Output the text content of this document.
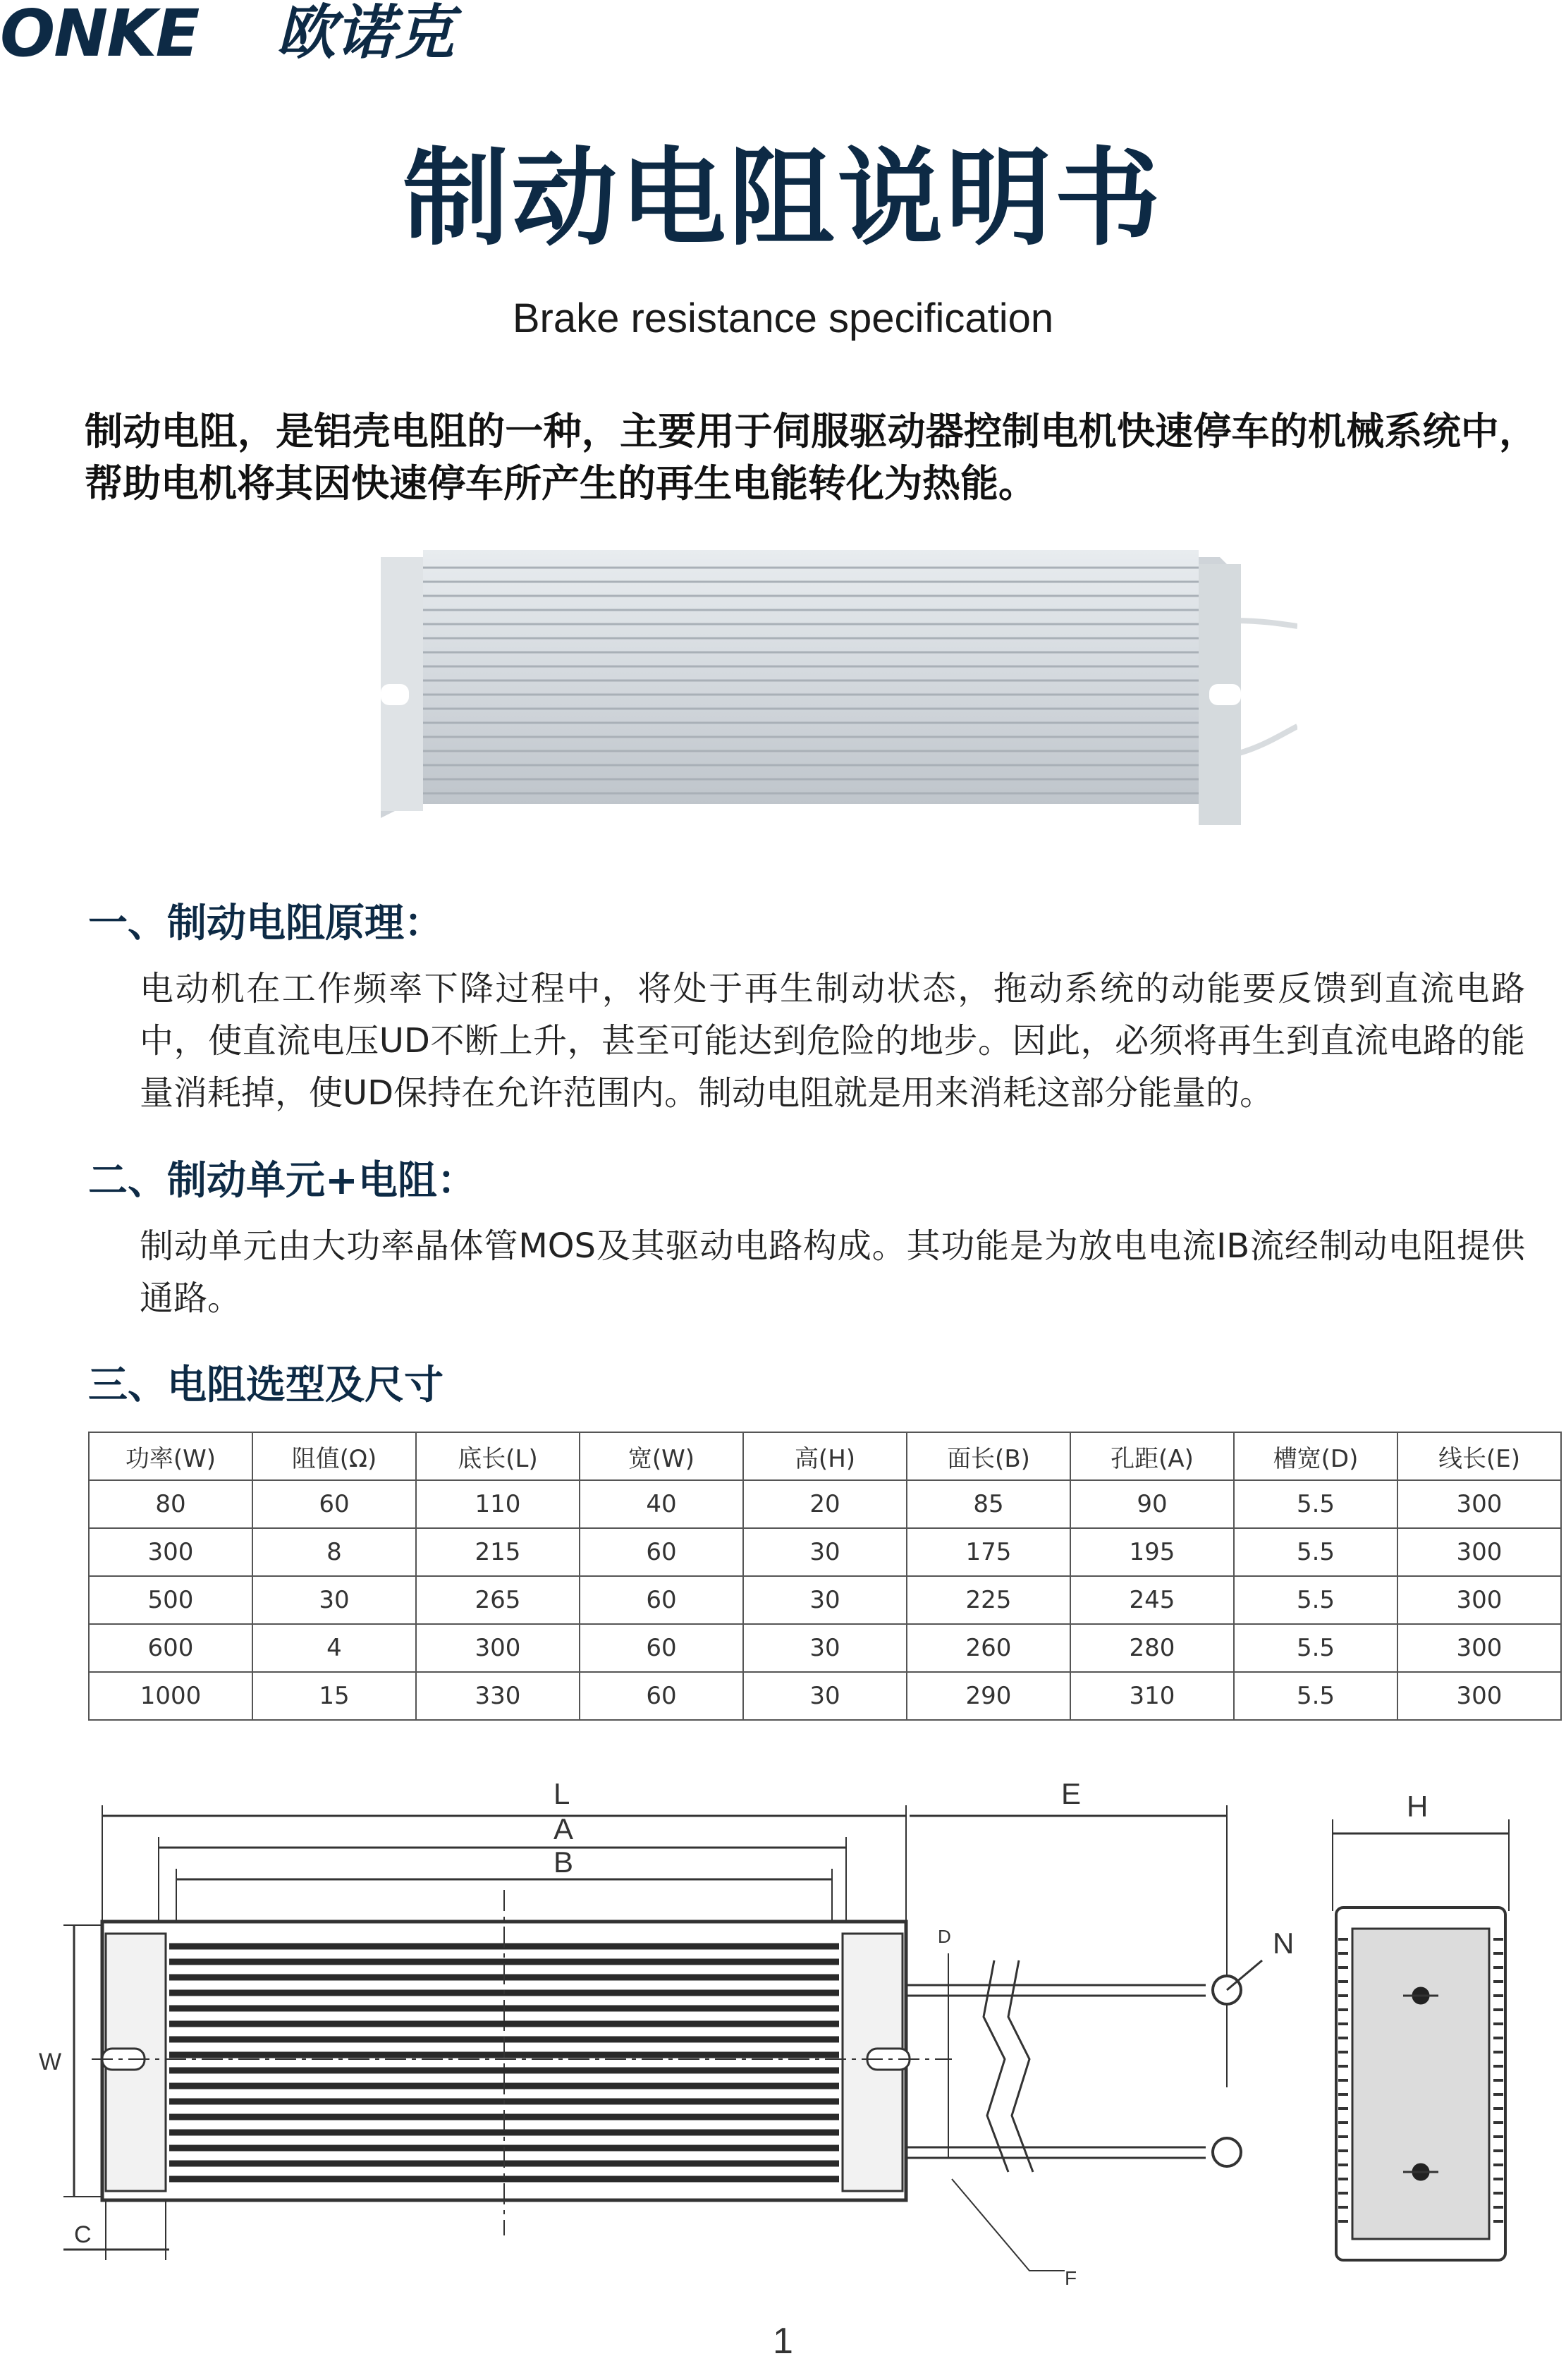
ONKE 欧诺克
制动电阻说明书
Brake resistance specification
制动电阻，是铝壳电阻的一种，主要用于伺服驱动器控制电机快速停车的机械系统中，帮助电机将其因快速停车所产生的再生电能转化为热能。
一、制动电阻原理：
电动机在工作频率下降过程中，将处于再生制动状态，拖动系统的动能要反馈到直流电路中，使直流电压UD不断上升，甚至可能达到危险的地步。因此，必须将再生到直流电路的能量消耗掉，使UD保持在允许范围内。制动电阻就是用来消耗这部分能量的。
二、制动单元+电阻：
制动单元由大功率晶体管MOS及其驱动电路构成。其功能是为放电电流IB流经制动电阻提供通路。
三、电阻选型及尺寸
功率(W)	阻值(Ω)	底长(L)	宽(W)	高(H)	面长(B)	孔距(A)	槽宽(D)	线长(E)
80	60	110	40	20	85	90	5.5	300
300	8	215	60	30	175	195	5.5	300
500	30	265	60	30	225	245	5.5	300
600	4	300	60	30	260	280	5.5	300
1000	15	330	60	30	290	310	5.5	300
L
A
B
E	H
N
W
C
F
D
1
